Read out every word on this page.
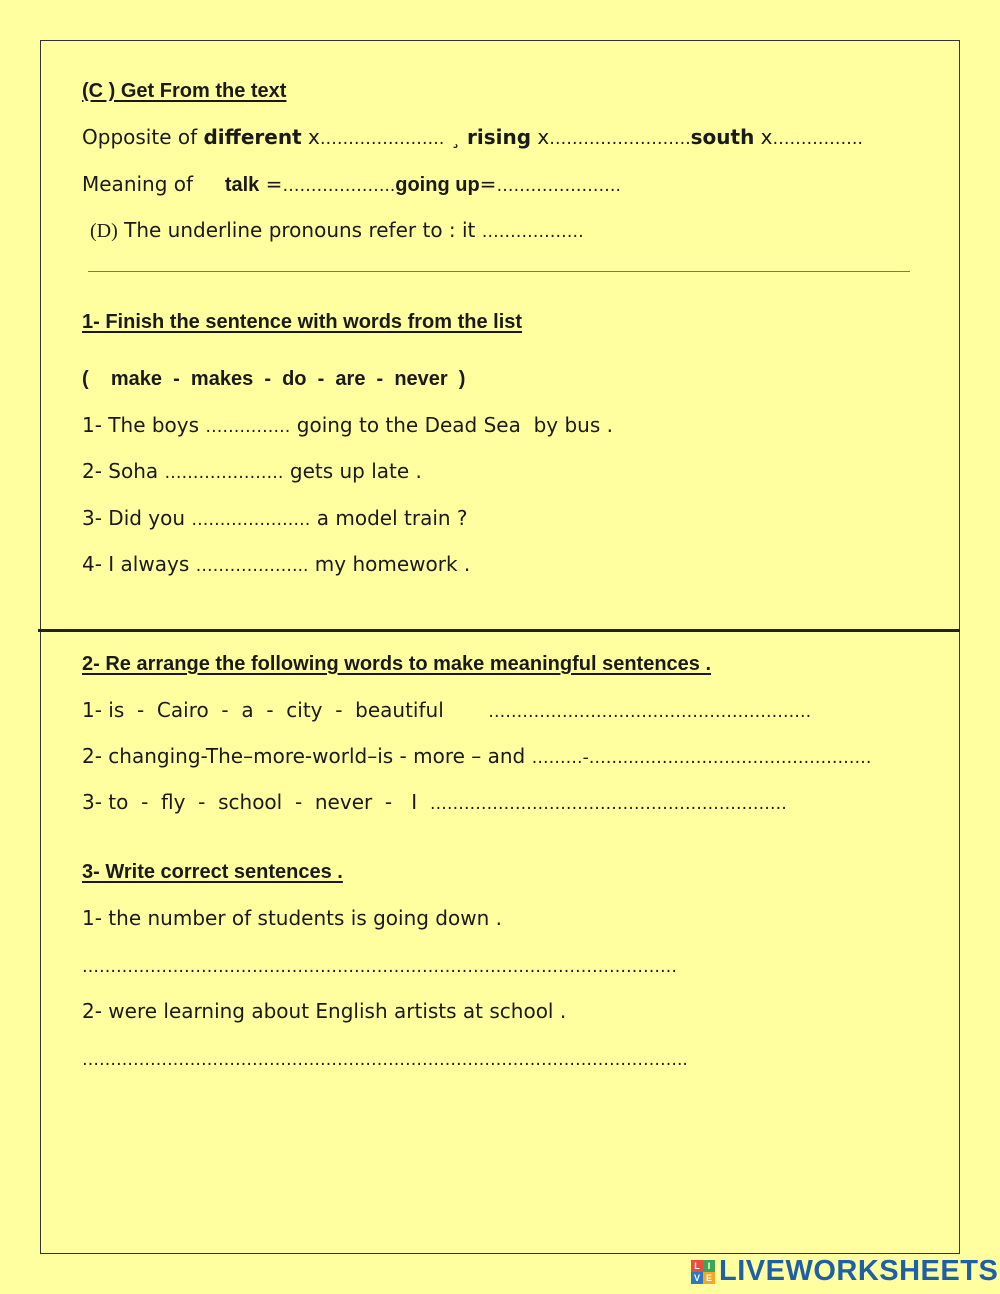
(C ) Get From the text
Opposite of different x…………………. ¸ rising x…………………….south x…………….
Meaning of     talk =………………..going up=………………….
(D) The underline pronouns refer to : it ………………
1- Finish the sentence with words from the list
(    make  -  makes  -  do  -  are  -  never  )
1- The boys …………… going to the Dead Sea  by bus .
2- Soha ………………… gets up late .
3- Did you ………………… a model train ?
4- I always ……………….. my homework .
2- Re arrange the following words to make meaningful sentences .
1- is  -  Cairo  -  a  -  city  -  beautiful       …………………………………………………
2- changing-The–more-world–is - more – and ………-……..……………………………………
3- to  -  fly  -  school  -  never  -   I  ………………………………………………………
3- Write correct sentences .
1- the number of students is going down .
……………………………………………………………………………………………
2- were learning about English artists at school .
……………………………………………………………………………………………..
L I
V E LIVEWORKSHEETS
